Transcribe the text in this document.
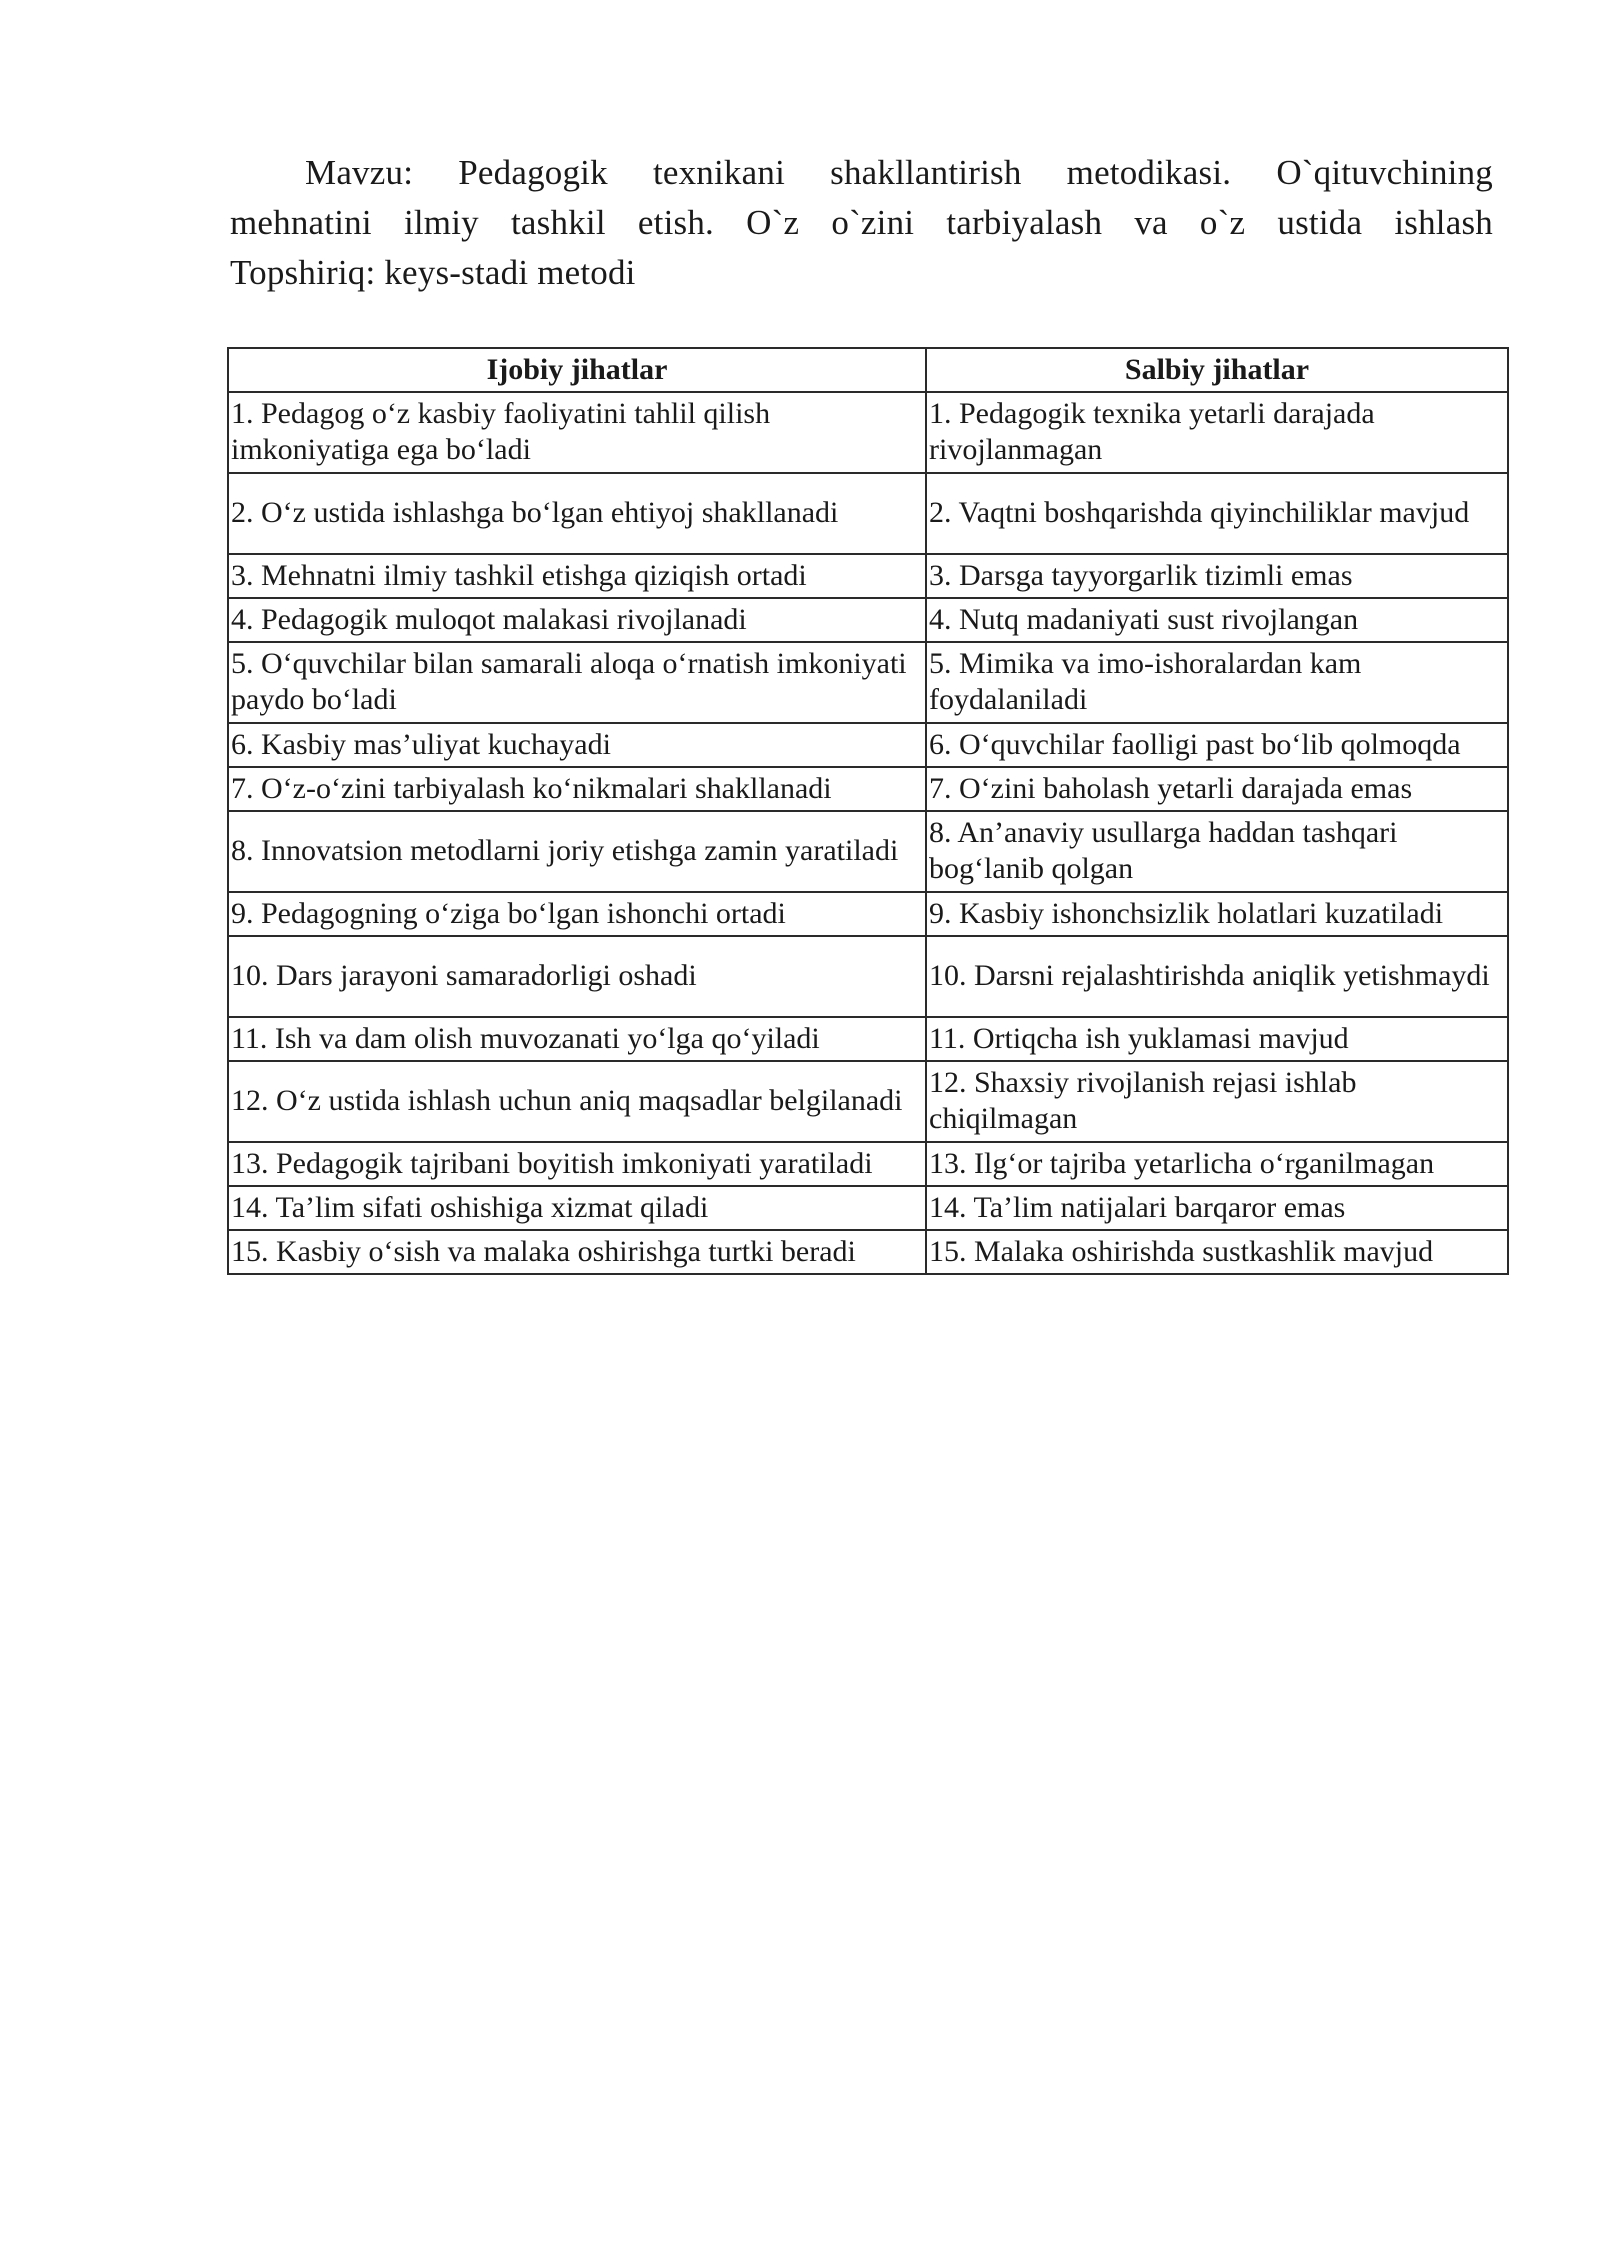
Mavzu: Pedagogik texnikani shakllantirish metodikasi. O`qituvchining
mehnatini ilmiy tashkil etish. O`z o`zini tarbiyalash va o`z ustida ishlash
Topshiriq: keys-stadi metodi
Ijobiy jihatlar	Salbiy jihatlar
1. Pedagog o‘z kasbiy faoliyatini tahlil qilish imkoniyatiga ega bo‘ladi	1. Pedagogik texnika yetarli darajada rivojlanmagan
2. O‘z ustida ishlashga bo‘lgan ehtiyoj shakllanadi	2. Vaqtni boshqarishda qiyinchiliklar mavjud
3. Mehnatni ilmiy tashkil etishga qiziqish ortadi	3. Darsga tayyorgarlik tizimli emas
4. Pedagogik muloqot malakasi rivojlanadi	4. Nutq madaniyati sust rivojlangan
5. O‘quvchilar bilan samarali aloqa o‘rnatish imkoniyati paydo bo‘ladi	5. Mimika va imo-ishoralardan kam foydalaniladi
6. Kasbiy mas’uliyat kuchayadi	6. O‘quvchilar faolligi past bo‘lib qolmoqda
7. O‘z-o‘zini tarbiyalash ko‘nikmalari shakllanadi	7. O‘zini baholash yetarli darajada emas
8. Innovatsion metodlarni joriy etishga zamin yaratiladi	8. An’anaviy usullarga haddan tashqari bog‘lanib qolgan
9. Pedagogning o‘ziga bo‘lgan ishonchi ortadi	9. Kasbiy ishonchsizlik holatlari kuzatiladi
10. Dars jarayoni samaradorligi oshadi	10. Darsni rejalashtirishda aniqlik yetishmaydi
11. Ish va dam olish muvozanati yo‘lga qo‘yiladi	11. Ortiqcha ish yuklamasi mavjud
12. O‘z ustida ishlash uchun aniq maqsadlar belgilanadi	12. Shaxsiy rivojlanish rejasi ishlab chiqilmagan
13. Pedagogik tajribani boyitish imkoniyati yaratiladi	13. Ilg‘or tajriba yetarlicha o‘rganilmagan
14. Ta’lim sifati oshishiga xizmat qiladi	14. Ta’lim natijalari barqaror emas
15. Kasbiy o‘sish va malaka oshirishga turtki beradi	15. Malaka oshirishda sustkashlik mavjud
